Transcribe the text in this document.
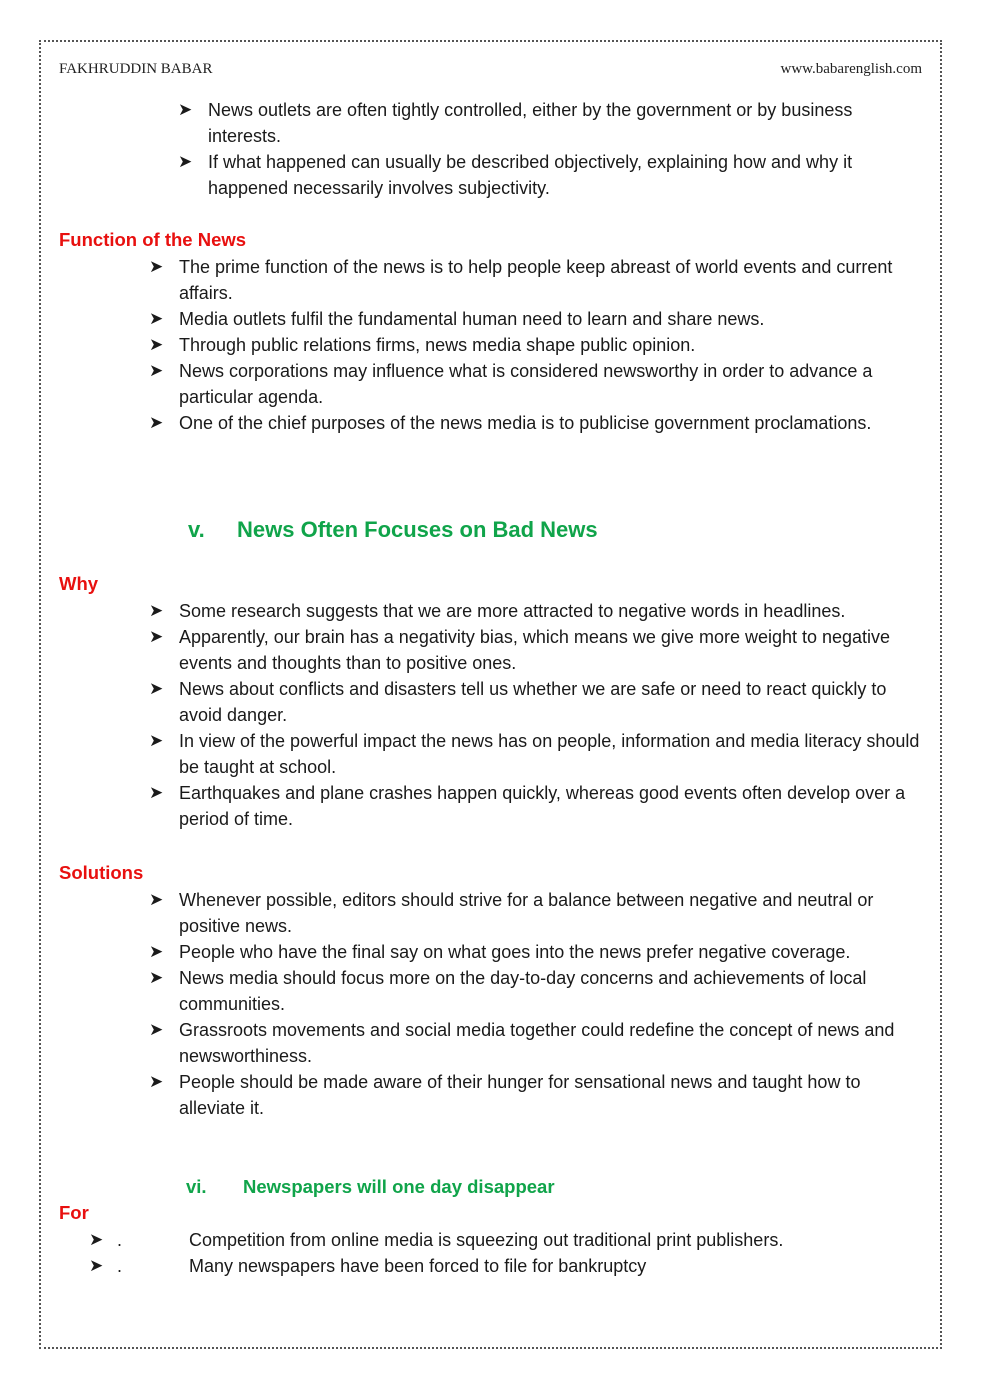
FAKHRUDDIN BABAR	www.babarenglish.com
➤ News outlets are often tightly controlled, either by the government or by business interests.
➤ If what happened can usually be described objectively, explaining how and why it happened necessarily involves subjectivity.
Function of the News
➤ The prime function of the news is to help people keep abreast of world events and current affairs.
➤ Media outlets fulfil the fundamental human need to learn and share news.
➤ Through public relations firms, news media shape public opinion.
➤ News corporations may influence what is considered newsworthy in order to advance a particular agenda.
➤ One of the chief purposes of the news media is to publicise government proclamations.
v. News Often Focuses on Bad News
Why
➤ Some research suggests that we are more attracted to negative words in headlines.
➤ Apparently, our brain has a negativity bias, which means we give more weight to negative events and thoughts than to positive ones.
➤ News about conflicts and disasters tell us whether we are safe or need to react quickly to avoid danger.
➤ In view of the powerful impact the news has on people, information and media literacy should be taught at school.
➤ Earthquakes and plane crashes happen quickly, whereas good events often develop over a period of time.
Solutions
➤ Whenever possible, editors should strive for a balance between negative and neutral or positive news.
➤ People who have the final say on what goes into the news prefer negative coverage.
➤ News media should focus more on the day-to-day concerns and achievements of local communities.
➤ Grassroots movements and social media together could redefine the concept of news and newsworthiness.
➤ People should be made aware of their hunger for sensational news and taught how to alleviate it.
vi. Newspapers will one day disappear
For
➤ .	Competition from online media is squeezing out traditional print publishers.
➤ .	Many newspapers have been forced to file for bankruptcy
